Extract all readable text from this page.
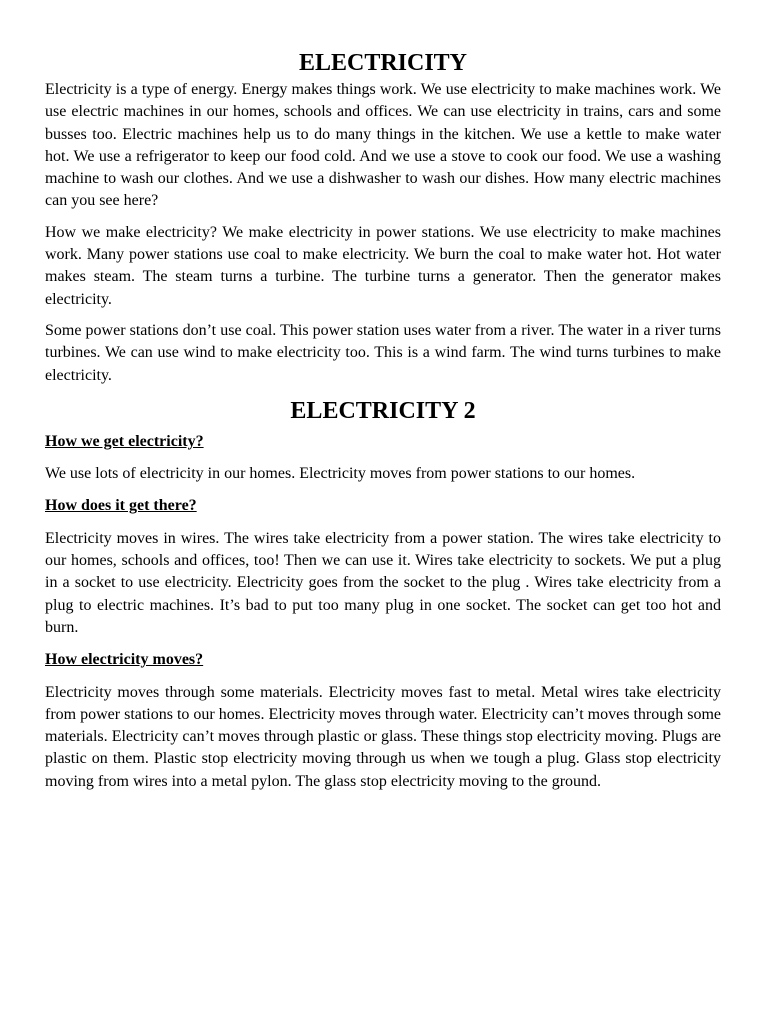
ELECTRICITY

Electricity is a type of energy. Energy makes things work. We use electricity to make machines work. We use electric machines in our homes, schools and offices. We can use electricity in trains, cars and some busses too. Electric machines help us to do many things in the kitchen. We use a kettle to make water hot. We use a refrigerator to keep our food cold. And we use a stove to cook our food. We use a washing machine to wash our clothes. And we use a dishwasher to wash our dishes. How many electric machines can you see here?

How we make electricity? We make electricity in power stations. We use electricity to make machines work. Many power stations use coal to make electricity. We burn the coal to make water hot. Hot water makes steam. The steam turns a turbine. The turbine turns a generator. Then the generator makes electricity.

Some power stations don’t use coal. This power station uses water from a river. The water in a river turns turbines. We can use wind to make electricity too. This is a wind farm. The wind turns turbines to make electricity.

ELECTRICITY 2

How we get electricity?

We use lots of electricity in our homes. Electricity moves from power stations to our homes.

How does it get there?

Electricity moves in wires. The wires take electricity from a power station. The wires take electricity to our homes, schools and offices, too! Then we can use it. Wires take electricity to sockets. We put a plug in a socket to use electricity. Electricity goes from the socket to the plug . Wires take electricity from a plug to electric machines. It’s bad to put too many plug in one socket. The socket can get too hot and burn.

How electricity moves?

Electricity moves through some materials. Electricity moves fast to metal. Metal wires take electricity from power stations to our homes. Electricity moves through water. Electricity can’t moves through some materials. Electricity can’t moves through plastic or glass. These things stop electricity moving. Plugs are plastic on them. Plastic stop electricity moving through us when we tough a plug. Glass stop electricity moving from wires into a metal pylon. The glass stop electricity moving to the ground.
